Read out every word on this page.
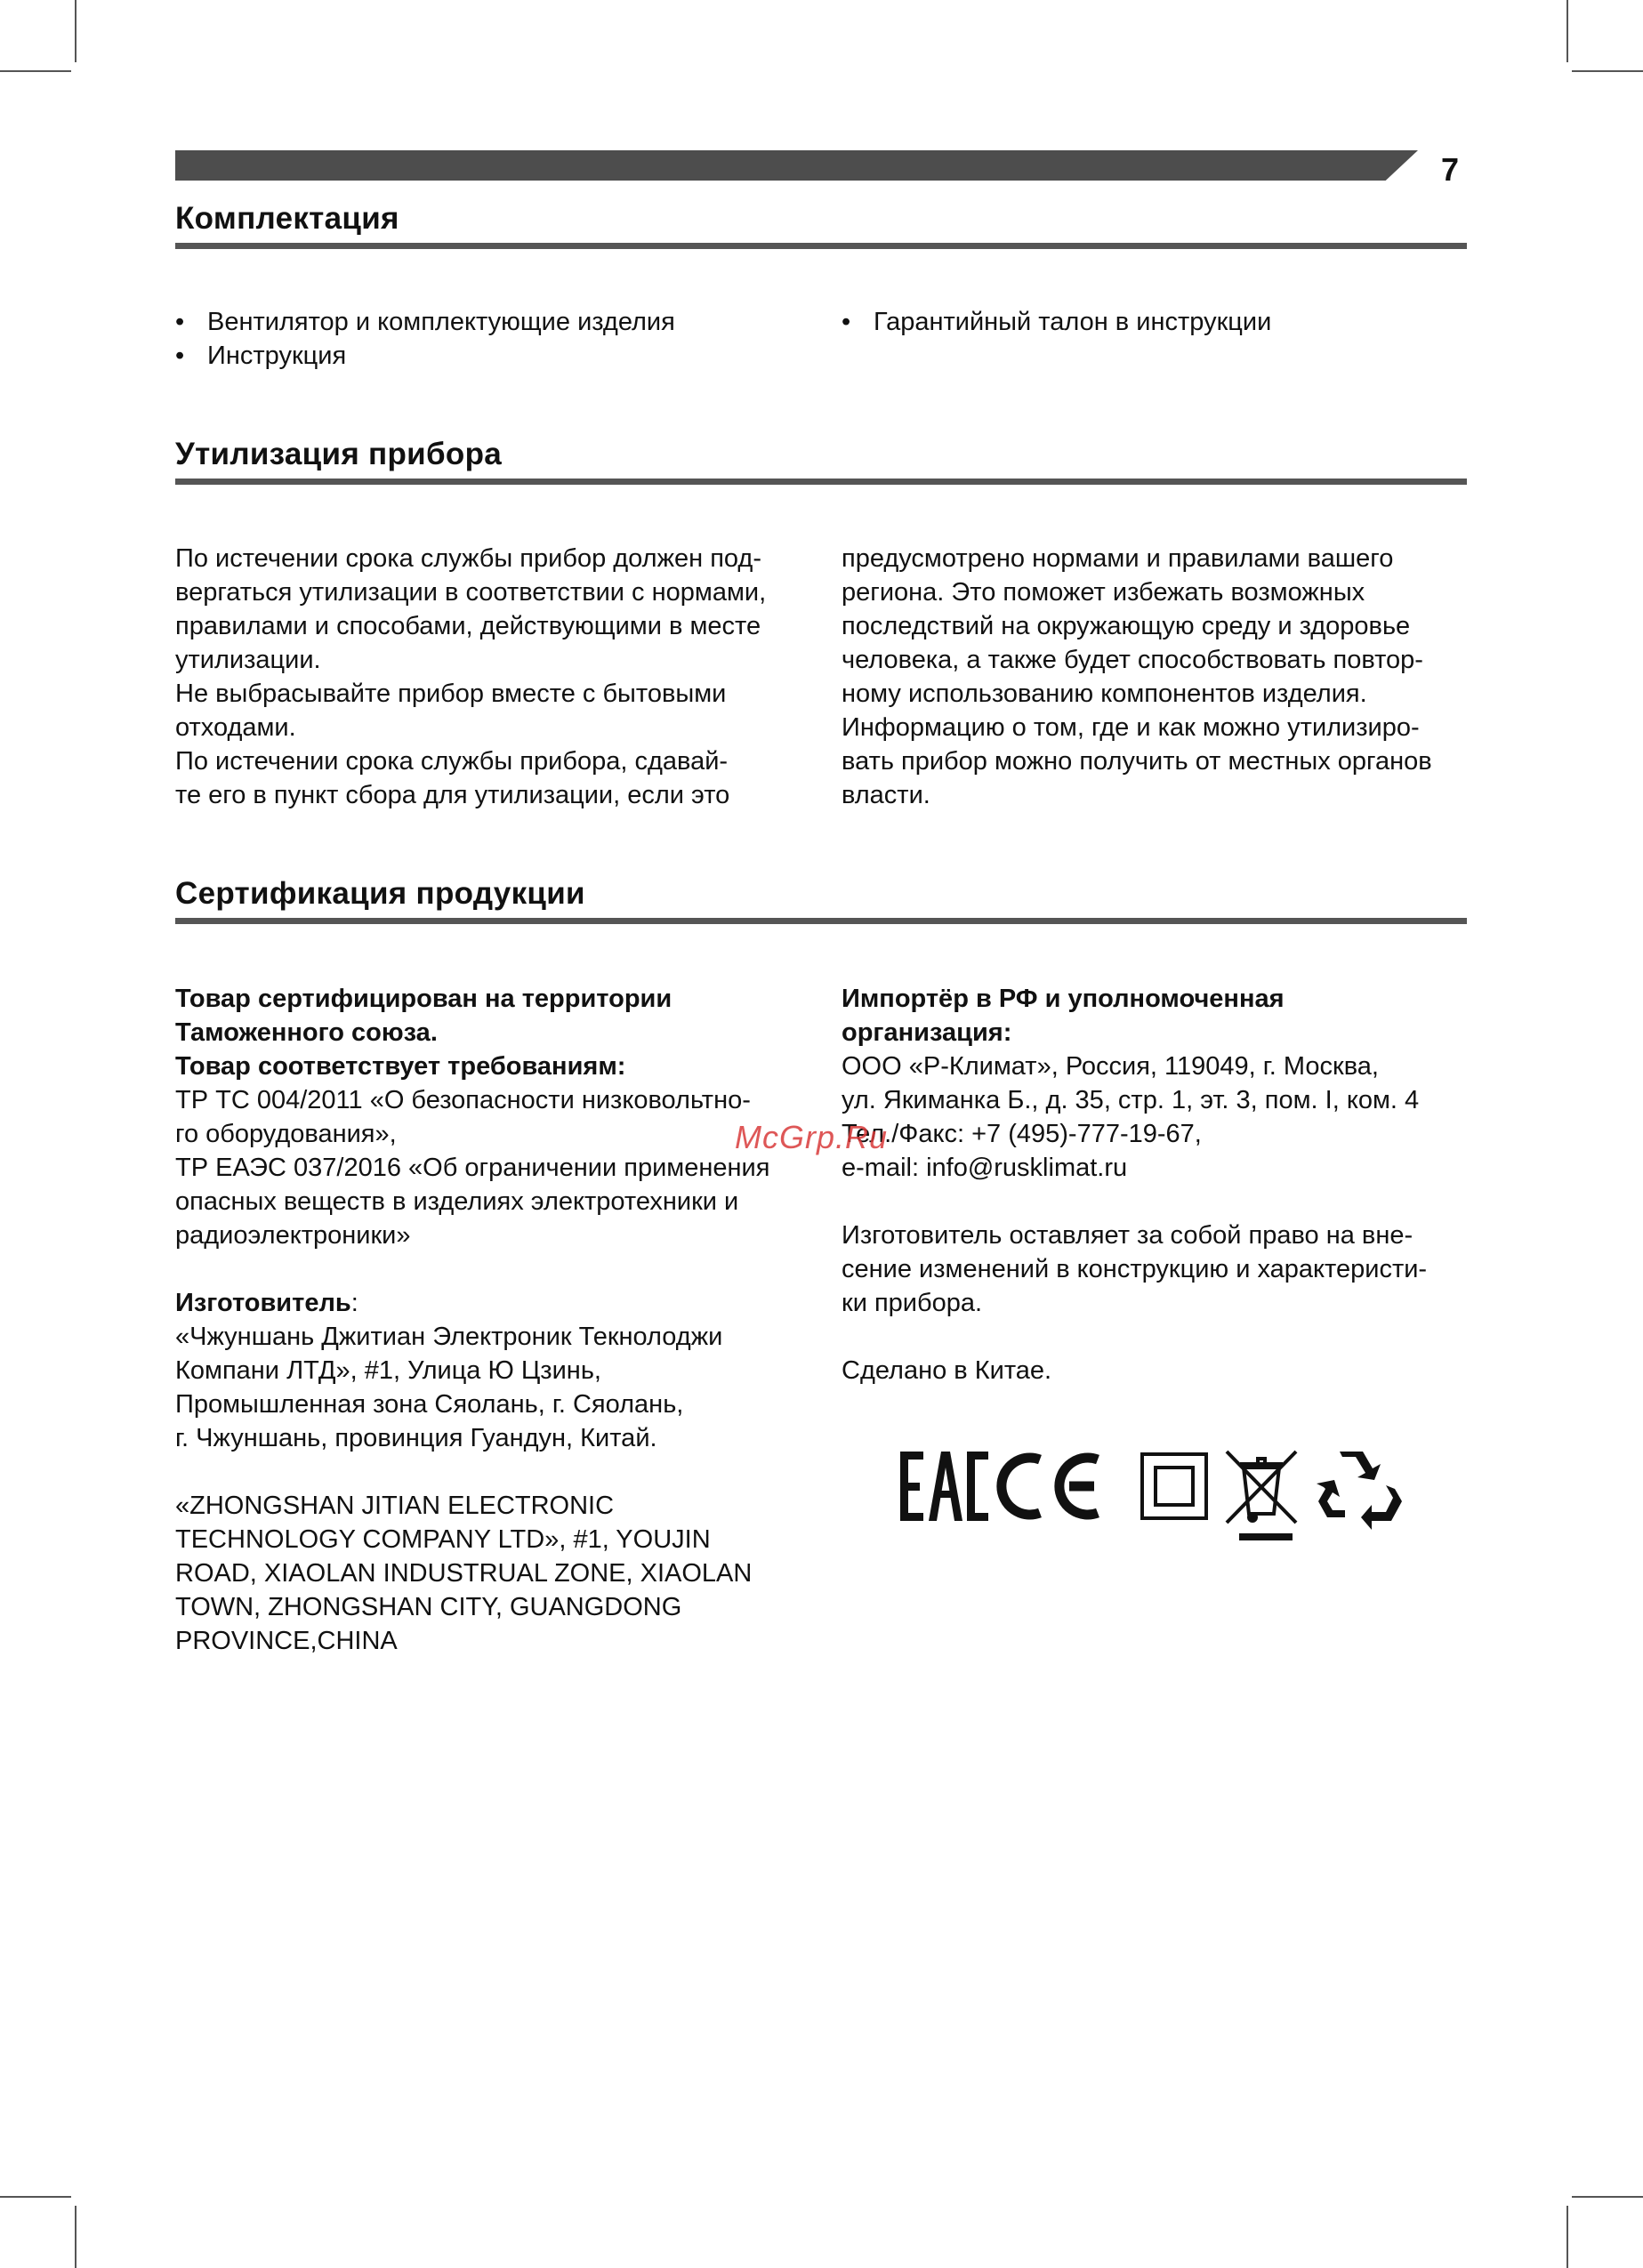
7
Комплектация
• Вентилятор и комплектующие изделия
• Инструкция
• Гарантийный талон в инструкции
Утилизация прибора

По истечении срока службы прибор должен под-

вергаться утилизации в соответствии с нормами,

правилами и способами, действующими в месте

утилизации.

Не выбрасывайте прибор вместе с бытовыми

отходами.

По истечении срока службы прибора, сдавай-

те его в пункт сбора для утилизации, если это

предусмотрено нормами и правилами вашего

региона. Это поможет избежать возможных

последствий на окружающую среду и здоровье

человека, а также будет способствовать повтор-

ному использованию компонентов изделия.

Информацию о том, где и как можно утилизиро-

вать прибор можно получить от местных органов

власти.

Сертификация продукции

Товар сертифицирован на территории

Таможенного союза.

Товар соответствует требованиям:

ТР ТС 004/2011 «О безопасности низковольтно-

го оборудования»,

ТР ЕАЭС 037/2016 «Об ограничении применения

опасных веществ в изделиях электротехники и

радиоэлектроники»

Изготовитель:

«Чжуншань Джитиан Электроник Текнолоджи

Компани ЛТД», #1, Улица Ю Цзинь,

Промышленная зона Сяолань, г. Сяолань,

г. Чжуншань, провинция Гуандун, Китай.

«ZHONGSHAN JITIAN ELECTRONIC

TECHNOLOGY COMPANY LTD», #1, YOUJIN

ROAD, XIAOLAN INDUSTRUAL ZONE, XIAOLAN

TOWN, ZHONGSHAN CITY, GUANGDONG

PROVINCE,CHINA

Импортёр в РФ и уполномоченная

организация:

ООО «Р-Климат», Россия, 119049, г. Москва,

ул. Якиманка Б., д. 35, стр. 1, эт. 3, пом. I, ком. 4

Тел./Факс: +7 (495)-777-19-67,

e-mail: info@rusklimat.ru

Изготовитель оставляет за собой право на вне-

сение изменений в конструкцию и характеристи-

ки прибора.

Сделано в Китае.

McGrp.Ru
